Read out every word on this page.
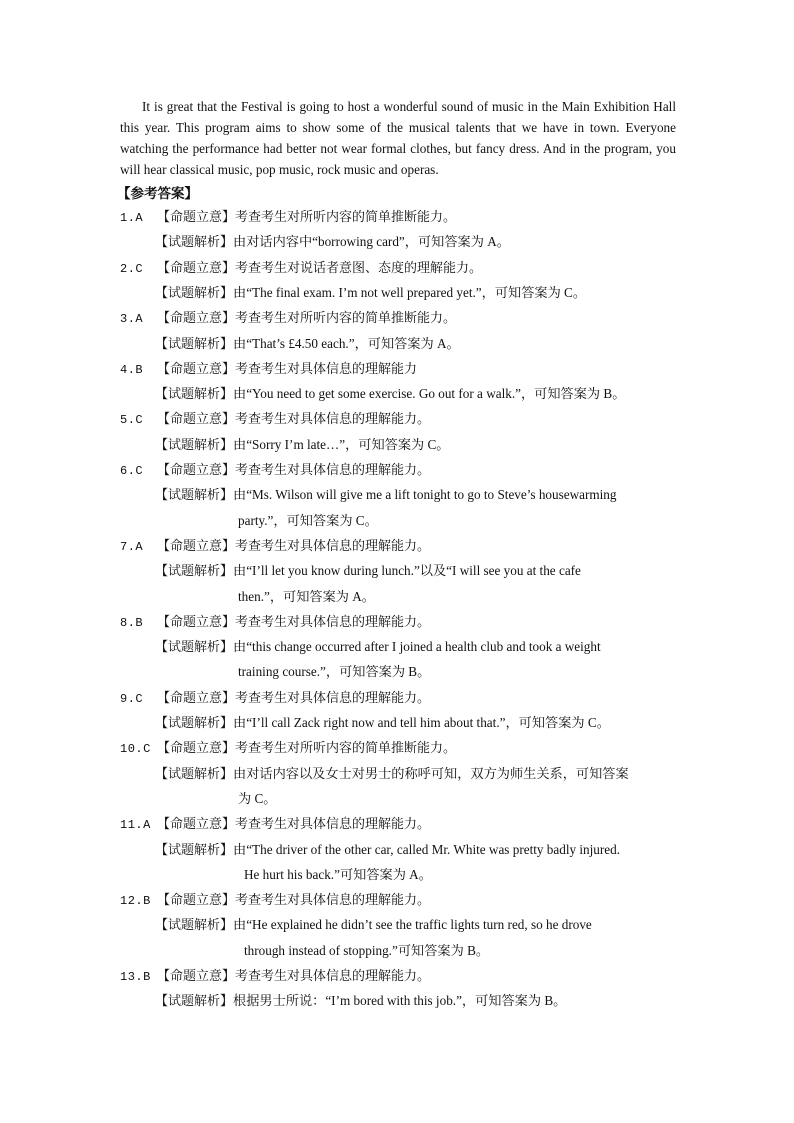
It is great that the Festival is going to host a wonderful sound of music in the Main Exhibition Hall this year. This program aims to show some of the musical talents that we have in town. Everyone watching the performance had better not wear formal clothes, but fancy dress. And in the program, you will hear classical music, pop music, rock music and operas.

【参考答案】
1.A 【命题立意】考查考生对所听内容的简单推断能力。
【试题解析】由对话内容中“borrowing card”，可知答案为 A。
2.C 【命题立意】考查考生对说话者意图、态度的理解能力。
【试题解析】由“The final exam. I’m not well prepared yet.”，可知答案为 C。
3.A 【命题立意】考查考生对所听内容的简单推断能力。
【试题解析】由“That’s £4.50 each.”，可知答案为 A。
4.B 【命题立意】考查考生对具体信息的理解能力
【试题解析】由“You need to get some exercise. Go out for a walk.”，可知答案为 B。
5.C 【命题立意】考查考生对具体信息的理解能力。
【试题解析】由“Sorry I’m late…”，可知答案为 C。
6.C 【命题立意】考查考生对具体信息的理解能力。
【试题解析】由“Ms. Wilson will give me a lift tonight to go to Steve’s housewarming
party.”，可知答案为 C。
7.A 【命题立意】考查考生对具体信息的理解能力。
【试题解析】由“I’ll let you know during lunch.”以及“I will see you at the cafe
then.”，可知答案为 A。
8.B 【命题立意】考查考生对具体信息的理解能力。
【试题解析】由“this change occurred after I joined a health club and took a weight
training course.”，可知答案为 B。
9.C 【命题立意】考查考生对具体信息的理解能力。
【试题解析】由“I’ll call Zack right now and tell him about that.”，可知答案为 C。
10.C 【命题立意】考查考生对所听内容的简单推断能力。
【试题解析】由对话内容以及女士对男士的称呼可知，双方为师生关系，可知答案
为 C。
11.A 【命题立意】考查考生对具体信息的理解能力。
【试题解析】由“The driver of the other car, called Mr. White was pretty badly injured.
He hurt his back.”可知答案为 A。
12.B 【命题立意】考查考生对具体信息的理解能力。
【试题解析】由“He explained he didn’t see the traffic lights turn red, so he drove
through instead of stopping.”可知答案为 B。
13.B 【命题立意】考查考生对具体信息的理解能力。
【试题解析】根据男士所说：“I’m bored with this job.”，可知答案为 B。
